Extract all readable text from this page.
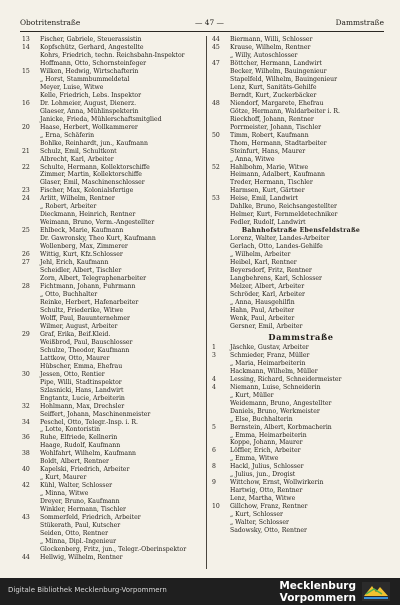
Obotritenstraße	— 47 —	Dammstraße
13 Fischer, Gabriele, Steuerassistin
14 Kopfschütz, Gerhard, Angestellte
Kohrs, Friedrich, techn. Reichsbahn-Inspektor
Hoffmann, Otto, Schornsteinfeger
15 Wilken, Hedwig, Wirtschafterin
„ Horst, Stammbummeldetal
Meyer, Luise, Witwe
Kelle, Friedrich, Lebs. Inspektor
16 Dr. Lohmeier, August, Dienerz.
Glaeser, Anna, Mühlinspekterin
Janicke, Frieda, Mühlerschaftsmitglied
20 Haase, Herbert, Wollkammerer
„ Erna, Schäferin
Bohlke, Reinhardt, jun., Kaufmann
21 Schulz, Emil, Schultkont
Albrecht, Karl, Arbeiter
22 Schulte, Hermann, Kollektorschiffe
Zimmer, Martin, Kollektorschiffe
Glaser, Emil, Maschinenschlosser
23 Fischer, Max, Kolonialsfertige
24 Arlitt, Wilhelm, Rentner
„ Robert, Arbeiter
Dieckmann, Heinrich, Rentner
Weimann, Bruno, Verm.-Angestellter
25 Ehlbeck, Marie, Kaufmann
Dr. Gawronsky, Theo Kurt, Kaufmann
Wollenberg, Max, Zimmerer
26 Wittig, Kurt, Kfz.Schlosser
27 Jehl, Erich, Kaufmann
Scheidler, Albert, Tischler
Zorn, Albert, Telegraphenarbeiter
28 Fichtmann, Johann, Fuhrmann
„ Otto, Buchhalter
Reinke, Herbert, Hafenarbeiter
Schultz, Friederike, Witwe
Wolff, Paul, Bauunternehmer
Wilmer, August, Arbeiter
29 Graf, Erika, Beif.Kleid.
Weißbrod, Paul, Bauschlosser
Schulze, Theodor, Kaufmann
Lattkow, Otto, Maurer
Hübscher, Emma, Ehefrau
30 Jessen, Otto, Rentier
Pipe, Willi, Stadtinspektor
Szlasnicki, Hans, Landwirt
Engtantz, Lucie, Arbeiterin
32 Hohlmann, Max, Drechsler
Seiffert, Johann, Maschinenmeister
34 Peschel, Otto, Telegr.-Insp. i. R.
„ Lotte, Kontoristin
36 Ruhe, Elfriede, Kellnerin
Haage, Rudolf, Kaufmann
38 Wohlfahrt, Wilhelm, Kaufmann
Boldt, Albert, Rentner
40 Kapelski, Friedrich, Arbeiter
„ Kurt, Maurer
42 Kühl, Walter, Schlosser
„ Minna, Witwe
Dreyer, Bruno, Kaufmann
Winkler, Hermann, Tischler
43 Sommerfeld, Friedrich, Arbeiter
Stükerath, Paul, Kutscher
Seiden, Otto, Rentner
„ Minna, Dipl.-Ingenieur
Glockenberg, Fritz, jun., Telegr.-Oberinspektor
44 Hellwig, Wilhelm, Rentner
44 Biermann, Willi, Schlosser
45 Krause, Wilhelm, Rentner
„ Willy, Autoschlosser
47 Böttcher, Hermann, Landwirt
Becker, Wilhelm, Bauingenieur
Stapelfeld, Wilhelm, Bauingenieur
Lenz, Kurt, Sanitäts-Gehilfe
Berndt, Kurt, Zuckerbäcker
48 Niendorf, Margarete, Ehefrau
Götze, Hermann, Waldarbeiter i. R.
Rieckhoff, Johann, Rentner
Porrmeister, Johann, Tischler
50 Timm, Robert, Kaufmann
Thom, Hermann, Stadtarbeiter
Steinfurt, Hans, Maurer
„ Anna, Witwe
52 Hahlbohm, Marie, Witwe
Heimann, Adalbert, Kaufmann
Treder, Hermann, Tischler
Harmsen, Kurt, Gärtner
53 Heise, Emil, Landwirt
Dahlke, Bruno, Reichsangestellter
Helmer, Kurt, Fernmeldetechniker
Fedler, Rudolf, Landwirt
Bahnhofstraße Ebensfeldstraße
Lorenz, Walter, Landes-Arbeiter
Gerlach, Otto, Landes-Gehilfe
„ Wilhelm, Arbeiter
Heibel, Karl, Rentner
Beyersdorf, Fritz, Rentner
Langbehrens, Karl, Schlosser
Melzer, Albert, Arbeiter
Schröder, Karl, Arbeiter
„ Anna, Hausgehilfin
Hahn, Paul, Arbeiter
Wenk, Paul, Arbeiter
Gersner, Emil, Arbeiter
Dammstraße
1 Jäschke, Gustav, Arbeiter
3 Schmieder, Franz, Müller
„ Maria, Heimarbeiterin
Hackmann, Wilhelm, Müller
4 Lessing, Richard, Schneidermeister
4 Niemann, Luise, Schneiderin
„ Kurt, Müller
Weidemann, Bruno, Angestellter
Daniels, Bruno, Werkmeister
„ Else, Buchhalterin
5 Bernstein, Albert, Korbmacherin
„ Emma, Heimarbeiterin
Koppe, Johann, Maurer
6 Löffler, Erich, Arbeiter
„ Emma, Witwe
8 Hackl, Julius, Schlosser
„ Julius, jun., Drogist
9 Wittchow, Ernst, Wollwirkerin
Hartwig, Otto, Rentner
Lenz, Martha, Witwe
10 Gillchow, Franz, Rentner
„ Kurt, Schlosser
„ Walter, Schlosser
Sadowsky, Otto, Rentner
Digitale Bibliothek Mecklenburg-Vorpommern	Mecklenburg
Vorpommern
